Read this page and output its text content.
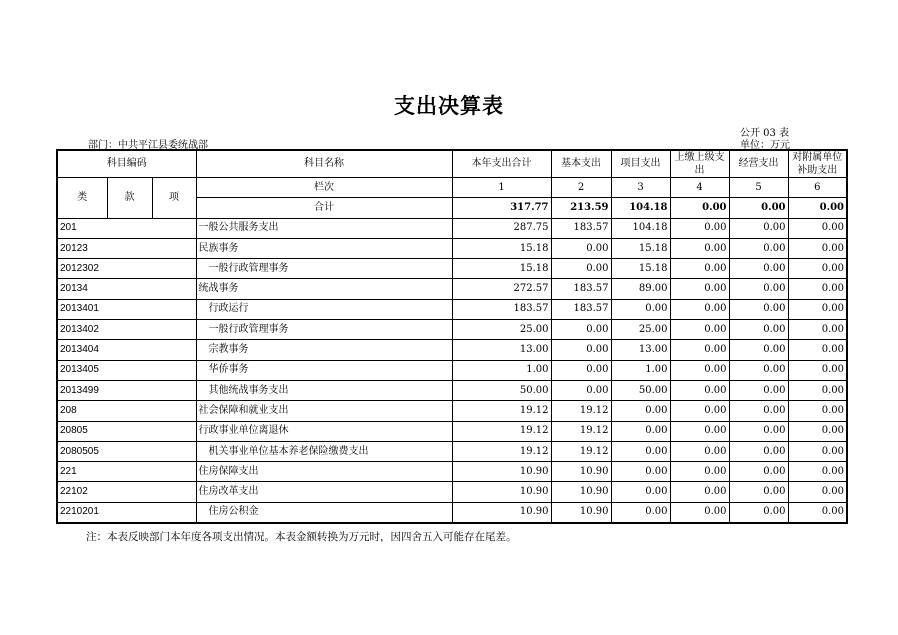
支出决算表
公开 03 表
部门：中共平江县委统战部	单位：万元
科目编码			科目名称	本年支出合计	基本支出	项目支出	上缴上级支出	经营支出	对附属单位补助支出
类	款	项	栏次	1	2	3	4	5	6
			合计	317.77	213.59	104.18	0.00	0.00	0.00
201			一般公共服务支出	287.75	183.57	104.18	0.00	0.00	0.00
20123			民族事务	15.18	0.00	15.18	0.00	0.00	0.00
2012302			一般行政管理事务	15.18	0.00	15.18	0.00	0.00	0.00
20134			统战事务	272.57	183.57	89.00	0.00	0.00	0.00
2013401			行政运行	183.57	183.57	0.00	0.00	0.00	0.00
2013402			一般行政管理事务	25.00	0.00	25.00	0.00	0.00	0.00
2013404			宗教事务	13.00	0.00	13.00	0.00	0.00	0.00
2013405			华侨事务	1.00	0.00	1.00	0.00	0.00	0.00
2013499			其他统战事务支出	50.00	0.00	50.00	0.00	0.00	0.00
208			社会保障和就业支出	19.12	19.12	0.00	0.00	0.00	0.00
20805			行政事业单位离退休	19.12	19.12	0.00	0.00	0.00	0.00
2080505			机关事业单位基本养老保险缴费支出	19.12	19.12	0.00	0.00	0.00	0.00
221			住房保障支出	10.90	10.90	0.00	0.00	0.00	0.00
22102			住房改革支出	10.90	10.90	0.00	0.00	0.00	0.00
2210201			住房公积金	10.90	10.90	0.00	0.00	0.00	0.00
注：本表反映部门本年度各项支出情况。本表金额转换为万元时，因四舍五入可能存在尾差。
